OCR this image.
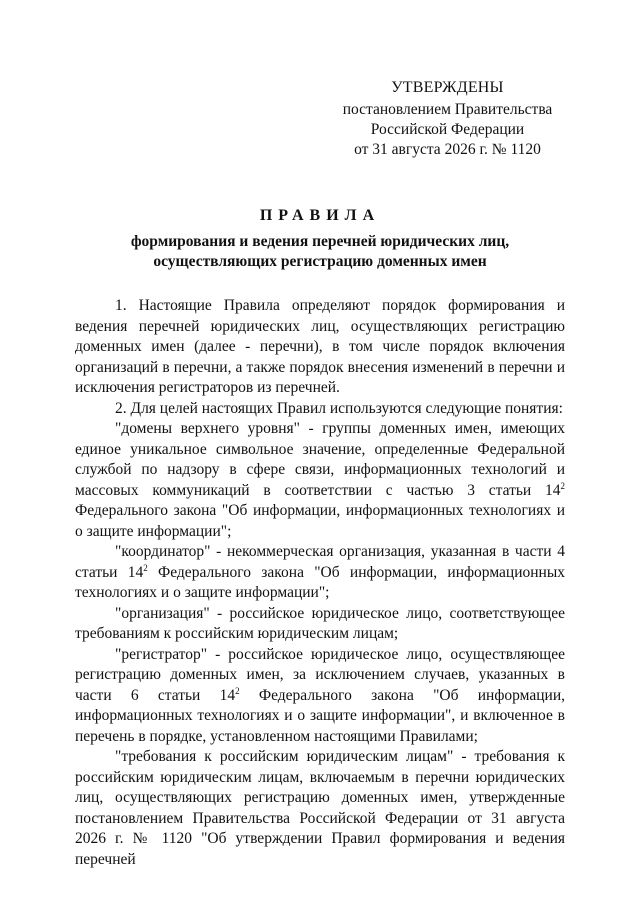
УТВЕРЖДЕНЫ
постановлением Правительства
Российской Федерации
от 31 августа 2026 г. № 1120
ПРАВИЛА
формирования и ведения перечней юридических лиц,
осуществляющих регистрацию доменных имен

1. Настоящие Правила определяют порядок формирования и ведения перечней юридических лиц, осуществляющих регистрацию доменных имен (далее - перечни), в том числе порядок включения организаций в перечни, а также порядок внесения изменений в перечни и исключения регистраторов из перечней.

2. Для целей настоящих Правил используются следующие понятия:

"домены верхнего уровня" - группы доменных имен, имеющих единое уникальное символьное значение, определенные Федеральной службой по надзору в сфере связи, информационных технологий и массовых коммуникаций в соответствии с частью 3 статьи $14^2$ Федерального закона "Об информации, информационных технологиях и о защите информации";

"координатор" - некоммерческая организация, указанная в части 4 статьи $14^2$ Федерального закона "Об информации, информационных технологиях и о защите информации";

"организация" - российское юридическое лицо, соответствующее требованиям к российским юридическим лицам;

"регистратор" - российское юридическое лицо, осуществляющее регистрацию доменных имен, за исключением случаев, указанных в части 6 статьи $14^2$ Федерального закона "Об информации, информационных технологиях и о защите информации", и включенное в перечень в порядке, установленном настоящими Правилами;

"требования к российским юридическим лицам" - требования к российским юридическим лицам, включаемым в перечни юридических лиц, осуществляющих регистрацию доменных имен, утвержденные постановлением Правительства Российской Федерации от 31 августа 2026 г. № 1120 "Об утверждении Правил формирования и ведения перечней
